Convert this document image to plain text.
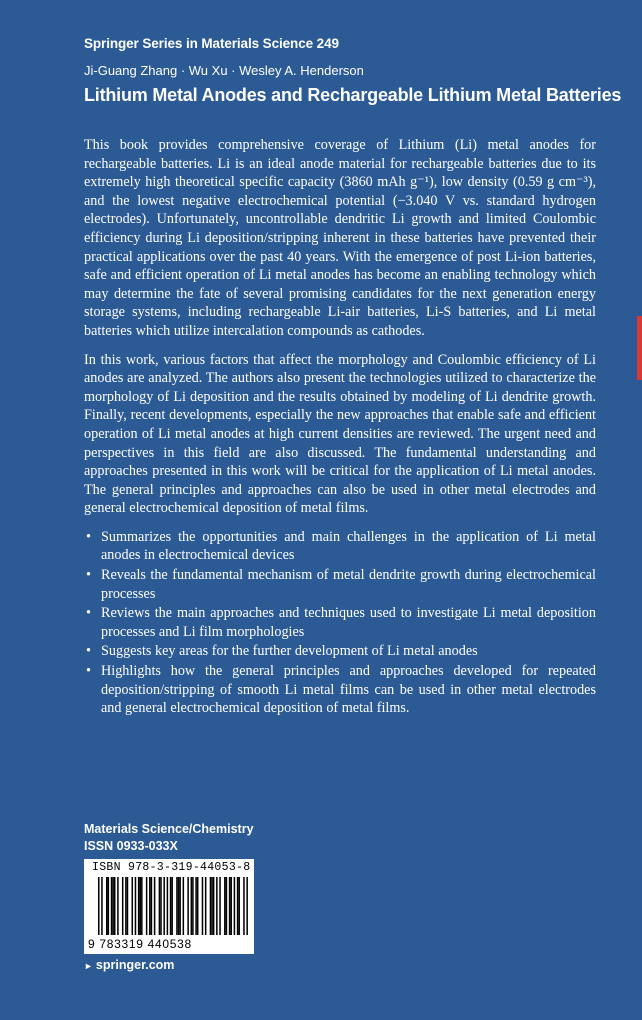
Springer Series in Materials Science 249
Ji-Guang Zhang · Wu Xu · Wesley A. Henderson
Lithium Metal Anodes and Rechargeable Lithium Metal Batteries

This book provides comprehensive coverage of Lithium (Li) metal anodes for rechargeable batteries. Li is an ideal anode material for rechargeable batteries due to its extremely high theoretical specific capacity (3860 mAh g⁻¹), low density (0.59 g cm⁻³), and the lowest negative electrochemical potential (−3.040 V vs. standard hydrogen electrodes). Unfortunately, uncontrollable dendritic Li growth and limited Coulombic efficiency during Li deposition/stripping inherent in these batteries have prevented their practical applications over the past 40 years. With the emergence of post Li-ion batteries, safe and efficient operation of Li metal anodes has become an enabling technology which may determine the fate of several promising candidates for the next generation energy storage systems, including rechargeable Li-air batteries, Li-S batteries, and Li metal batteries which utilize intercalation compounds as cathodes.

In this work, various factors that affect the morphology and Coulombic efficiency of Li anodes are analyzed. The authors also present the technologies utilized to characterize the morphology of Li deposition and the results obtained by modeling of Li dendrite growth. Finally, recent developments, especially the new approaches that enable safe and efficient operation of Li metal anodes at high current densities are reviewed. The urgent need and perspectives in this field are also discussed. The fundamental understanding and approaches presented in this work will be critical for the application of Li metal anodes. The general principles and approaches can also be used in other metal electrodes and general electrochemical deposition of metal films.

• Summarizes the opportunities and main challenges in the application of Li metal anodes in electrochemical devices
• Reveals the fundamental mechanism of metal dendrite growth during electrochemical processes
• Reviews the main approaches and techniques used to investigate Li metal deposition processes and Li film morphologies
• Suggests key areas for the further development of Li metal anodes
• Highlights how the general principles and approaches developed for repeated deposition/stripping of smooth Li metal films can be used in other metal electrodes and general electrochemical deposition of metal films.
Materials Science/Chemistry
ISSN 0933-033X
ISBN 978-3-319-44053-8
9 783319 440538
► springer.com
